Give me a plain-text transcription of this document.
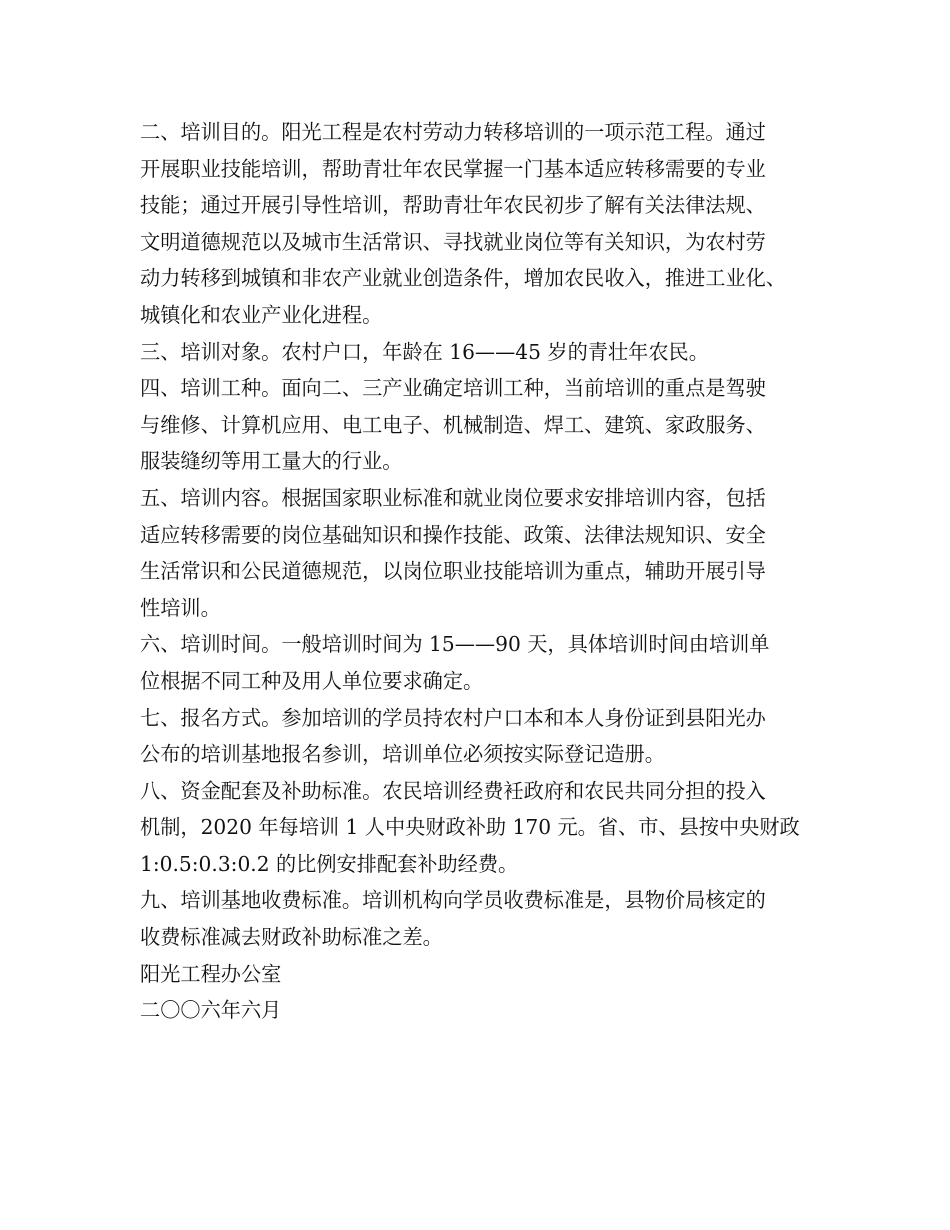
二、培训目的。阳光工程是农村劳动力转移培训的一项示范工程。通过
开展职业技能培训，帮助青壮年农民掌握一门基本适应转移需要的专业
技能；通过开展引导性培训，帮助青壮年农民初步了解有关法律法规、
文明道德规范以及城市生活常识、寻找就业岗位等有关知识，为农村劳
动力转移到城镇和非农产业就业创造条件，增加农民收入，推进工业化、
城镇化和农业产业化进程。
三、培训对象。农村户口，年龄在 16——45 岁的青壮年农民。
四、培训工种。面向二、三产业确定培训工种，当前培训的重点是驾驶
与维修、计算机应用、电工电子、机械制造、焊工、建筑、家政服务、
服装缝纫等用工量大的行业。
五、培训内容。根据国家职业标准和就业岗位要求安排培训内容，包括
适应转移需要的岗位基础知识和操作技能、政策、法律法规知识、安全
生活常识和公民道德规范，以岗位职业技能培训为重点，辅助开展引导
性培训。
六、培训时间。一般培训时间为 15——90 天，具体培训时间由培训单
位根据不同工种及用人单位要求确定。
七、报名方式。参加培训的学员持农村户口本和本人身份证到县阳光办
公布的培训基地报名参训，培训单位必须按实际登记造册。
八、资金配套及补助标准。农民培训经费衽政府和农民共同分担的投入
机制，2020 年每培训 1 人中央财政补助 170 元。省、市、县按中央财政
1:0.5:0.3:0.2 的比例安排配套补助经费。
九、培训基地收费标准。培训机构向学员收费标准是，县物价局核定的
收费标准减去财政补助标准之差。
阳光工程办公室
二〇〇六年六月
